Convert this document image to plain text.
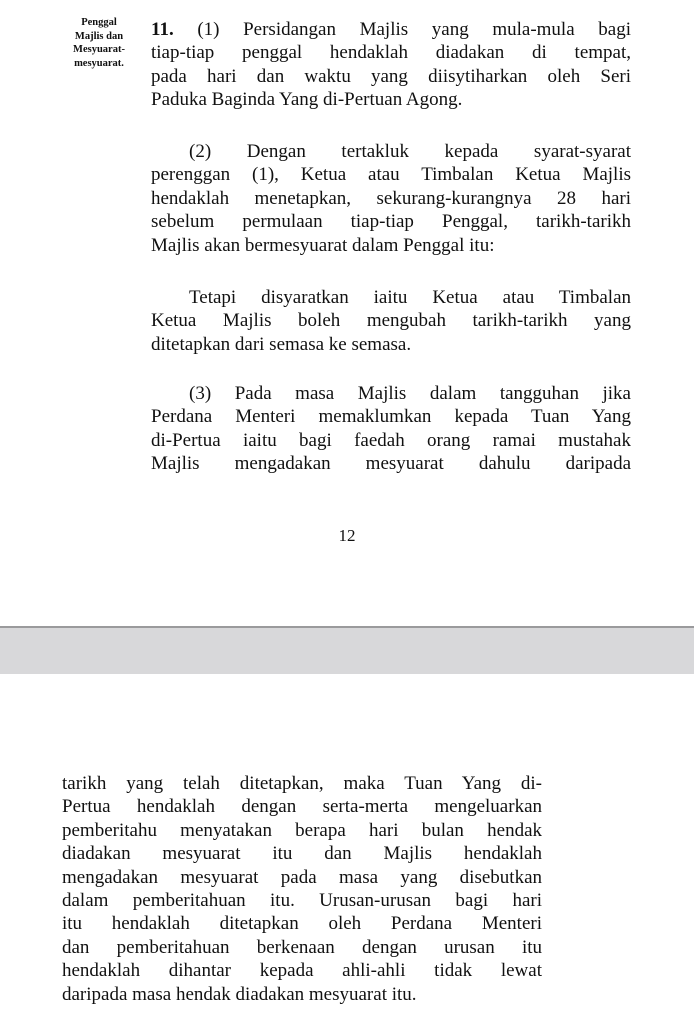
Penggal
Majlis dan
Mesyuarat-
mesyuarat.
11. (1) Persidangan Majlis yang mula-mula bagi
tiap-tiap penggal hendaklah diadakan di tempat,
pada hari dan waktu yang diisytiharkan oleh Seri
Paduka Baginda Yang di-Pertuan Agong.
(2) Dengan tertakluk kepada syarat-syarat
perenggan (1), Ketua atau Timbalan Ketua Majlis
hendaklah menetapkan, sekurang-kurangnya 28 hari
sebelum permulaan tiap-tiap Penggal, tarikh-tarikh
Majlis akan bermesyuarat dalam Penggal itu:
Tetapi disyaratkan iaitu Ketua atau Timbalan
Ketua Majlis boleh mengubah tarikh-tarikh yang
ditetapkan dari semasa ke semasa.
(3) Pada masa Majlis dalam tangguhan jika
Perdana Menteri memaklumkan kepada Tuan Yang
di-Pertua iaitu bagi faedah orang ramai mustahak
Majlis mengadakan mesyuarat dahulu daripada
12
tarikh yang telah ditetapkan, maka Tuan Yang di-
Pertua hendaklah dengan serta-merta mengeluarkan
pemberitahu menyatakan berapa hari bulan hendak
diadakan mesyuarat itu dan Majlis hendaklah
mengadakan mesyuarat pada masa yang disebutkan
dalam pemberitahuan itu. Urusan-urusan bagi hari
itu hendaklah ditetapkan oleh Perdana Menteri
dan pemberitahuan berkenaan dengan urusan itu
hendaklah dihantar kepada ahli-ahli tidak lewat
daripada masa hendak diadakan mesyuarat itu.
